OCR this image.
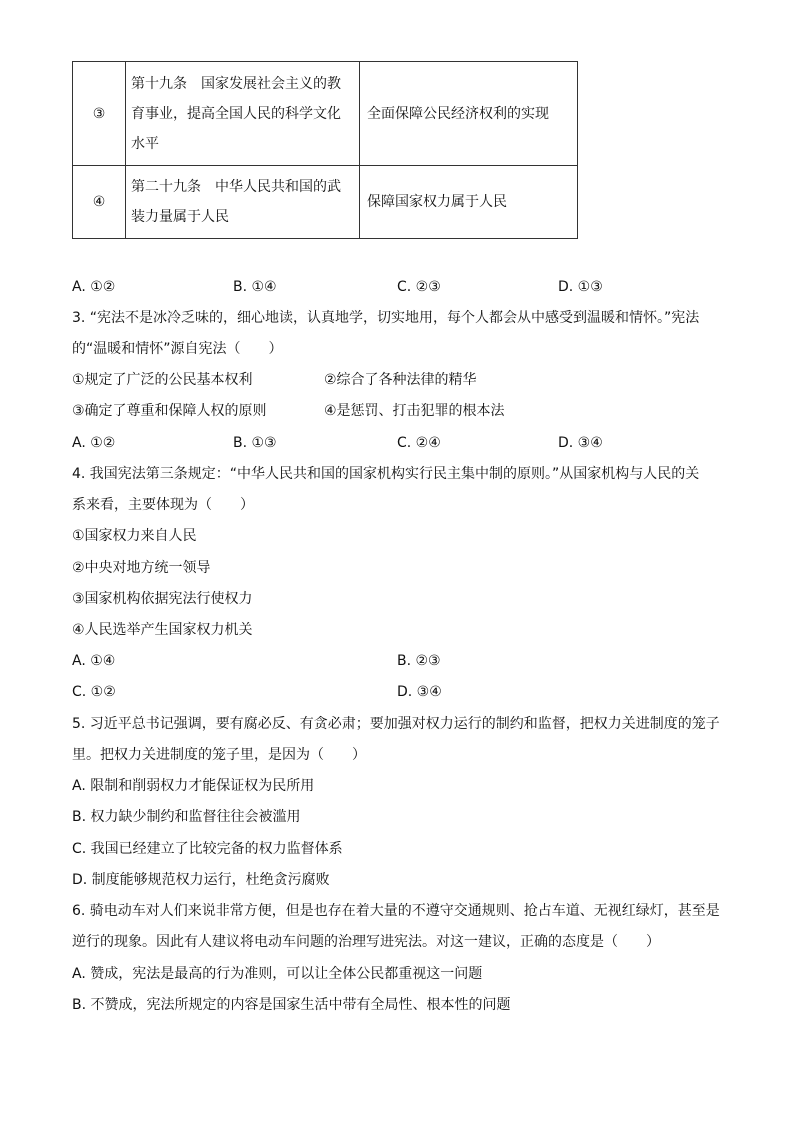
③	第十九条　国家发展社会主义的教
育事业，提高全国人民的科学文化
水平	全面保障公民经济权利的实现
④	第二十九条　中华人民共和国的武
装力量属于人民	保障国家权力属于人民
A. ①②	B. ①④	C. ②③	D. ①③
3. “宪法不是冰冷乏味的，细心地读，认真地学，切实地用，每个人都会从中感受到温暖和情怀。”宪法
的“温暖和情怀”源自宪法（　　）
①规定了广泛的公民基本权利	②综合了各种法律的精华
③确定了尊重和保障人权的原则	④是惩罚、打击犯罪的根本法
A. ①②	B. ①③	C. ②④	D. ③④
4. 我国宪法第三条规定：“中华人民共和国的国家机构实行民主集中制的原则。”从国家机构与人民的关
系来看，主要体现为（　　）
①国家权力来自人民
②中央对地方统一领导
③国家机构依据宪法行使权力
④人民选举产生国家权力机关
A. ①④	B. ②③
C. ①②	D. ③④
5. 习近平总书记强调，要有腐必反、有贪必肃；要加强对权力运行的制约和监督，把权力关进制度的笼子
里。把权力关进制度的笼子里，是因为（　　）
A. 限制和削弱权力才能保证权为民所用
B. 权力缺少制约和监督往往会被滥用
C. 我国已经建立了比较完备的权力监督体系
D. 制度能够规范权力运行，杜绝贪污腐败
6. 骑电动车对人们来说非常方便，但是也存在着大量的不遵守交通规则、抢占车道、无视红绿灯，甚至是
逆行的现象。因此有人建议将电动车问题的治理写进宪法。对这一建议，正确的态度是（　　）
A. 赞成，宪法是最高的行为准则，可以让全体公民都重视这一问题
B. 不赞成，宪法所规定的内容是国家生活中带有全局性、根本性的问题
